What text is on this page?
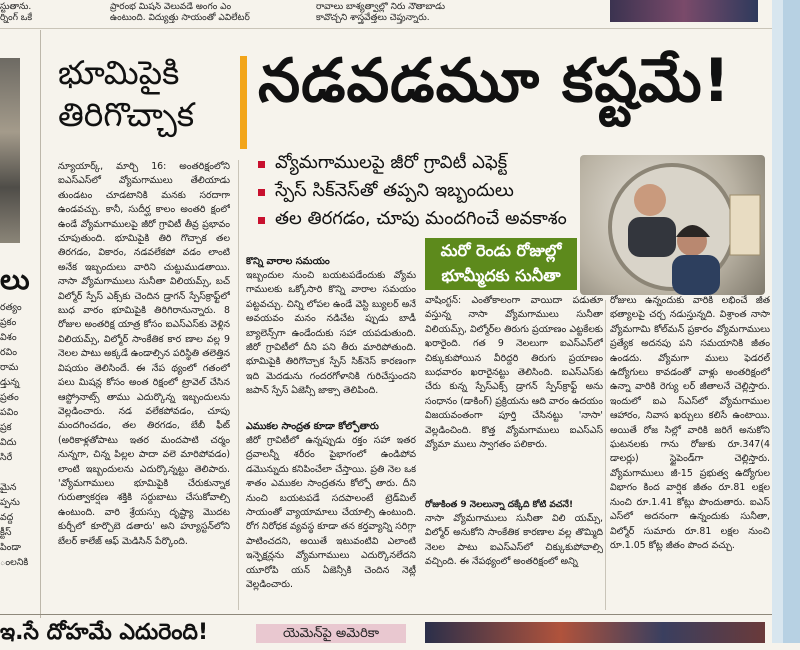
స్టుతాను.
ర్నింగ్ ఒకే
ప్రారంభ మిషన్ వెలువడే అంగం ఎం
ఉంటుంది. విద్యుత్తు సాయంతో ఎవిలేటర్
రావాలు బాశ్యత్వాల్లో నిరు నౌతాబాడు
కావొచ్చని శాస్త్రవేత్తలు చెప్తున్నారు.
లు
రత్యం
ప్రకం
విశం
రవిం
రామ
డ్తున్న
ప్రతం
పవిం
ప్రక
విదు
సిరే

మైన
ప్పను
వద్ద
క్టీస్
పిండా
ంలనికి
భూమిపైకి
తిరిగొచ్చాక	నడవడమూ కష్టమే!
వ్యోమగాములపై జీరో గ్రావిటీ ఎఫెక్ట్
స్పేస్ సిక్‌నెస్‌తో తప్పని ఇబ్బందులు
తల తిరగడం, చూపు మందగించే అవకాశం
న్యూయార్క్, మార్చి 16: అంతరిక్షంలోని ఐఎస్‌ఎస్‌లో వ్యోమగాములు తేలియాడు తుండటం చూడటానికి మనకు సరదాగా ఉండవచ్చు. కానీ, సుదీర్ఘ కాలం అంతరి క్షంలో ఉండే వ్యోమగాములపై జీరో గ్రావిటీ తీవ్ర ప్రభావం చూపుతుంది. భూమిపైకి తిరి గొచ్చాక తల తిరగడం, వికారం, నడవలేకపో వడం లాంటి అనేక ఇబ్బందులు వారిని చుట్టుముడతాయి. నాసా వ్యోమగాములు సునీతా విలియమ్స్, బచ్ విల్మోర్ స్పేస్ ఎక్స్‌కు చెందిన డ్రాగన్ స్పేస్‌క్రాఫ్ట్‌లో బుధ వారం భూమిపైకి తిరిగిరానున్నారు. 8 రోజుల అంతరిక్ష యాత్ర కోసం ఐఎస్‌ఎస్‌కు వెళ్లిన విలియమ్స్, విల్మోర్ సాంకేతిక కార ణాల వల్ల 9 నెలల పాటు అక్కడే ఉండాల్సిన పరిస్థితి తలెత్తిన విషయం తెలిసిందే. ఈ నేప థ్యంలో గతంలో పలు మిషన్ల కోసం అంత రిక్షంలో ట్రావెల్ చేసిన ఆస్ట్రోనాట్స్ తాము ఎదుర్కొన్న ఇబ్బందులను వెల్లడించారు. నడ వలేకపోవడం, చూపు మందగించడం, తల తిరగడం, బేబీ ఫీట్ (అరికాళ్లతోపాటు ఇతర మందపాటి చర్మం నున్నగా, చిన్న పిల్లల పాదా వలె మారిపోవడం) లాంటి ఇబ్బందులను ఎదుర్కొన్నట్టు తెలిపారు. 'వ్యోమగాములు భూమిపైకి చేరుకున్నాక గురుత్వాకర్షణ శక్తికి సర్దుబాటు చేసుకోవాల్సి ఉంటుంది. వారి శ్రేయస్సు దృష్ట్యా మొదట కుర్చీలో కూర్చొబె డతారు' అని హ్యూస్టన్‌లోని బేలర్ కాలేజ్ ఆఫ్ మెడిసిన్ పేర్కొంది.
కొన్ని వారాల సమయం
ఇబ్బందుల నుంచి బయటపడేందుకు వ్యోమ గాములకు ఒక్కోసారి కొన్ని వారాల సమయం పట్టవచ్చు. చిన్ని లోపల ఉండే వెస్టి బ్యులర్ అనే అవయవం మనం నడిచేట ప్పుడు బాడీ బ్యాలెన్స్‌గా ఉండేందుకు సహా యపడుతుంది. జీరో గ్రావిటీలో దీని పని తీరు మారిపోతుంది. భూమిపైకి తిరిగొచ్చాక స్పేస్ సిక్‌నెస్ కారణంగా ఇది మెదడును గందరగోళానికి గురిచేస్తుందని జపాన్ స్పేస్ ఏజెన్సీ జాక్సా తెలిపింది.
ఎముకల సాంద్రత కూడా కోల్పోతారు
జీరో గ్రావిటీలో ఉన్నప్పుడు రక్తం సహా ఇతర ద్రవాలన్నీ శరీరం పైభాగంలో ఉండిపోవ డమొన్నుదు కనిపించేలా చేస్తాయి. ప్రతి నెల ఒక శాతం ఎముకల సాంద్రతను కోల్పో తారు. దీని నుంచి బయటపడే సదపాలంటే ట్రెడ్‌మిల్ సాయంతో వ్యాయామాలు చేయాల్సి ఉంటుంది. రోగ నిరోధక వ్యవస్థ కూడా తన కర్తవ్యాన్ని సరిగ్గా పాటించదని, అయితే ఇటువంటివి ఎలాంటి ఇన్ఫెక్షన్లను వ్యోమగాములు ఎదుర్కొనలేదని యూరోపి యన్ ఏజెన్సీకి చెందిన నెట్లీ వెల్లడించారు.
మరో రెండు రోజుల్లో
భూమ్మీదకు సునీతా
వాషింగ్టన్: ఎంతోకాలంగా వాయిదా పడుతూ వస్తున్న నాసా వ్యోమగాములు సునీతా విలియమ్స్, విల్మోర్‌ల తిరుగు ప్రయాణం ఎట్టకేలకు ఖరారైంది. గత 9 నెలలుగా ఐఎస్‌ఎస్‌లో చిక్కుకుపోయిన వీరిద్దరి తిరుగు ప్రయాణం బుధవారం ఖరారైనట్టు తెలిసింది. ఐఎస్‌ఎస్‌కు చేరు కున్న స్పేస్‌ఎక్స్ డ్రాగన్ స్పేస్‌క్రాఫ్ట్ అను సంధానం (డాకింగ్) ప్రక్రియను ఆది వారం ఉదయం విజయవంతంగా పూర్తి చేసినట్టు 'నాసా' వెల్లడించింది. కొత్త వ్యోమగాములు ఐఎస్‌ఎస్ వ్యోమా ములు స్వాగతం పలికారు.
రోజుకింత 9 నెలలున్నా దక్కేది కోటి వచనే!
నాసా వ్యోమగాములు సునీతా విలి యమ్స్, విల్మోర్ అనుకోని సాంకేతిక కారణాల వల్ల తొమ్మిది నెలల పాటు ఐఎస్‌ఎస్‌లో చిక్కుకుపోవాల్సి వచ్చింది. ఈ నేపథ్యంలో అంతరిక్షంలో అన్ని
రోజులు ఉన్నందుకు వారికి లభించే జీత భత్యాలపై చర్చ నడుస్తున్నది. విశ్రాంత నాసా వ్యోమగామి కోల్‌మన్ ప్రకారం వ్యోమగాములు ప్రత్యేక అదనపు పని సమయానికి జీతం ఉండదు. వ్యోమగా ములు ఫెడరల్ ఉద్యోగులు కావడంతో వాళ్లు అంతరిక్షంలో ఉన్నా వారికి రెగ్యు లర్ జీతాలనే చెల్లిస్తారు. ఇందులో ఐఎ స్‌ఎస్‌లో వ్యోమగాముల ఆహారం, నివాస ఖర్చులు కలిసే ఉంటాయి. అయితే రోజ సిల్లో వారికి జరిగే అనుకోని ఘటనలకు గాను రోజుకు రూ.347(4 డాలర్లు) స్టైపెండ్‌గా చెల్లిస్తారు. వ్యోమగాములు జీ-15 ప్రభుత్వ ఉద్యోగుల విభాగం కింద వార్షిక జీతం రూ.81 లక్షల నుంచి రూ.1.41 కోట్లు పొందుతారు. ఐఎస్ ఎస్‌లో అదనంగా ఉన్నందుకు సునీతా, విల్మోర్ సుమారు రూ.81 లక్షల నుంచి రూ.1.05 కోట్ల జీతం పొంద వచ్చు.
ఇ.సే దోహమే ఎదురెంది!	యెమెన్‌పై అమెరికా
